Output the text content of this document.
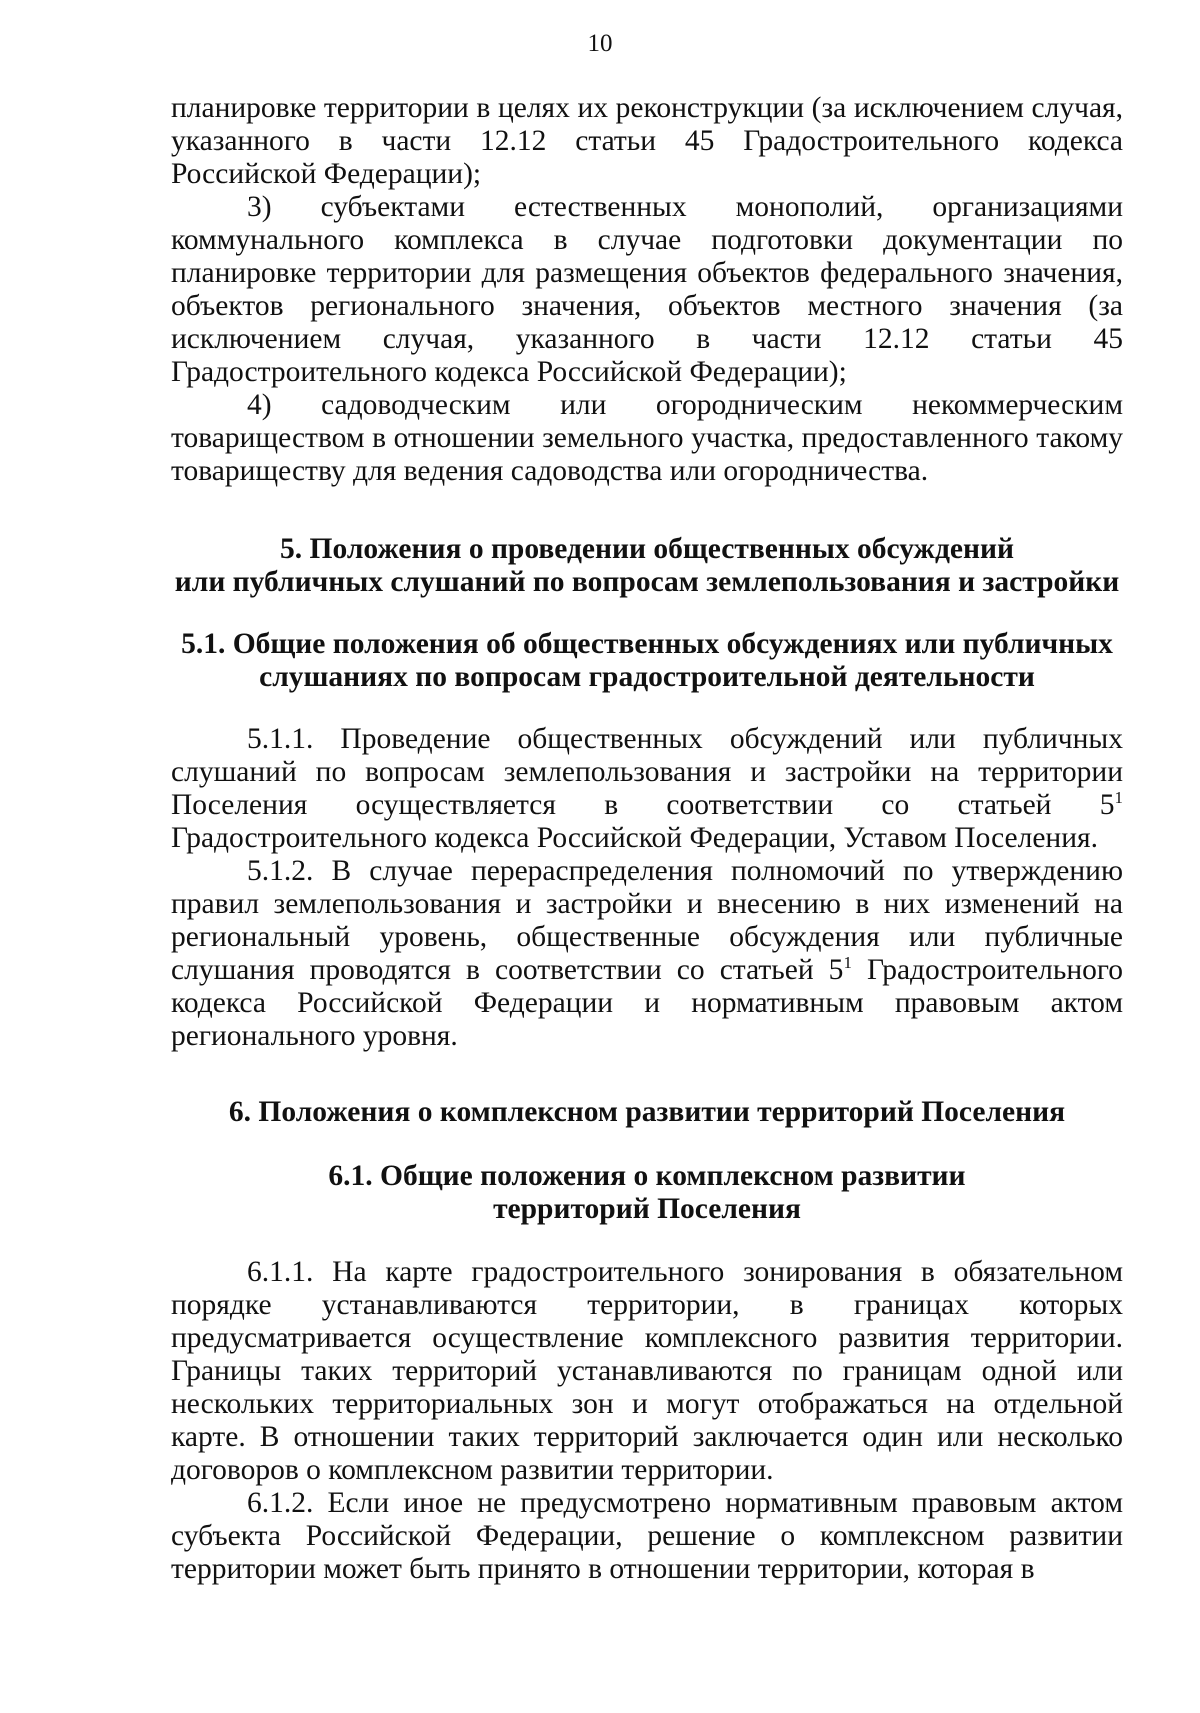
10

планировке территории в целях их реконструкции (за исключением случая, указанного в части 12.12 статьи 45 Градостроительного кодекса Российской Федерации);

3) субъектами естественных монополий, организациями коммунального комплекса в случае подготовки документации по планировке территории для размещения объектов федерального значения, объектов регионального значения, объектов местного значения (за исключением случая, указанного в части 12.12 статьи 45 Градостроительного кодекса Российской Федерации);

4) садоводческим или огородническим некоммерческим товариществом в отношении земельного участка, предоставленного такому товариществу для ведения садоводства или огородничества.

5. Положения о проведении общественных обсуждений
или публичных слушаний по вопросам землепользования и застройки
5.1. Общие положения об общественных обсуждениях или публичных
слушаниях по вопросам градостроительной деятельности

5.1.1. Проведение общественных обсуждений или публичных слушаний по вопросам землепользования и застройки на территории Поселения осуществляется в соответствии со статьей $5^1$ Градостроительного кодекса Российской Федерации, Уставом Поселения.

5.1.2. В случае перераспределения полномочий по утверждению правил землепользования и застройки и внесению в них изменений на региональный уровень, общественные обсуждения или публичные слушания проводятся в соответствии со статьей $5^1$ Градостроительного кодекса Российской Федерации и нормативным правовым актом регионального уровня.

6. Положения о комплексном развитии территорий Поселения
6.1. Общие положения о комплексном развитии
территорий Поселения

6.1.1. На карте градостроительного зонирования в обязательном порядке устанавливаются территории, в границах которых предусматривается осуществление комплексного развития территории. Границы таких территорий устанавливаются по границам одной или нескольких территориальных зон и могут отображаться на отдельной карте. В отношении таких территорий заключается один или несколько договоров о комплексном развитии территории.

6.1.2. Если иное не предусмотрено нормативным правовым актом субъекта Российской Федерации, решение о комплексном развитии территории может быть принято в отношении территории, которая в
